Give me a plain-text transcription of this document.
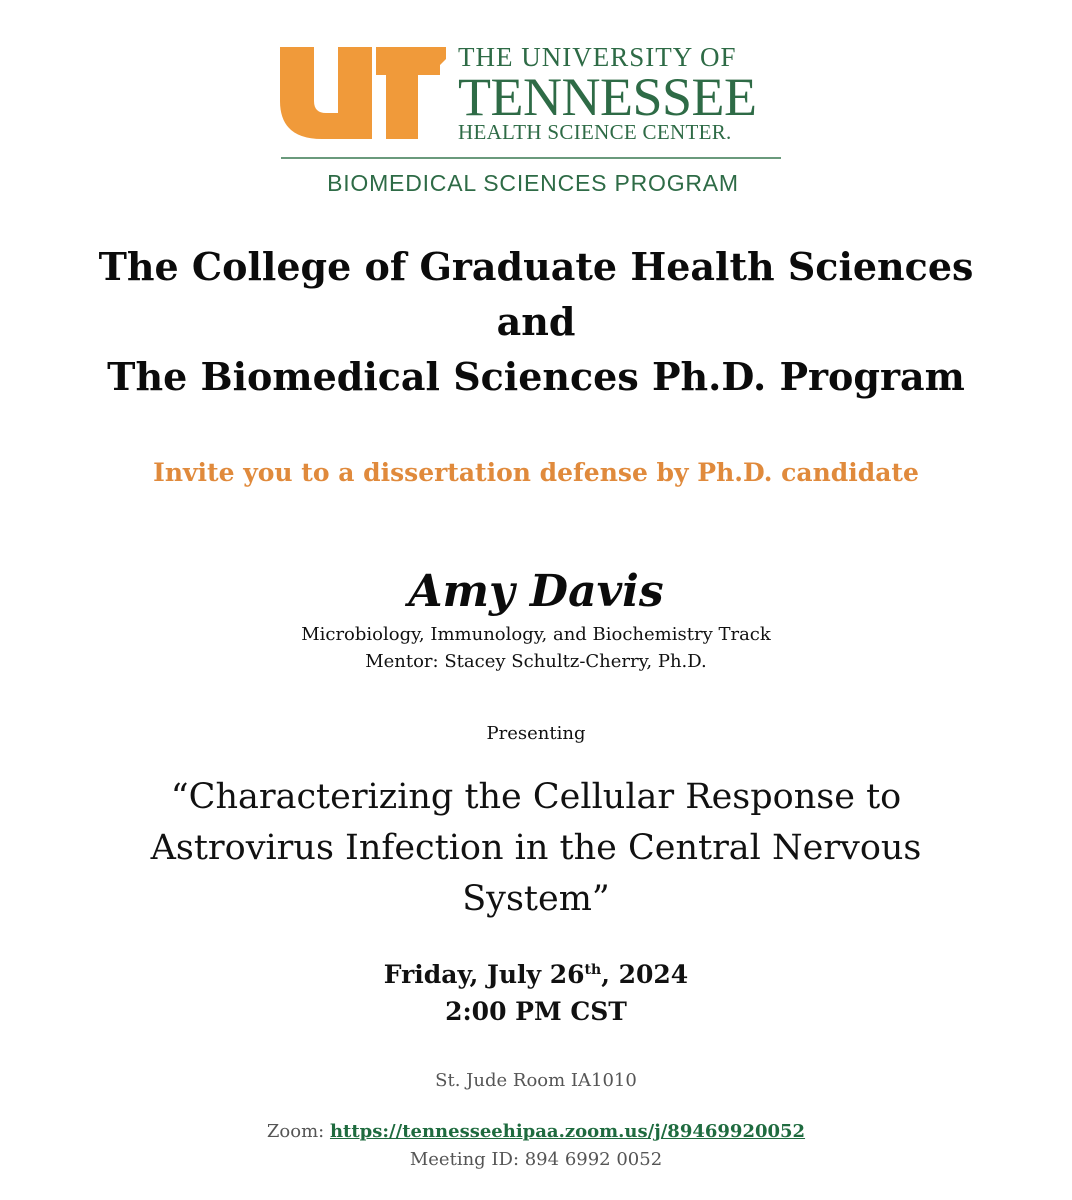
THE UNIVERSITY OF
TENNESSEE
HEALTH SCIENCE CENTER.
BIOMEDICAL SCIENCES PROGRAM
The College of Graduate Health Sciences
and
The Biomedical Sciences Ph.D. Program
Invite you to a dissertation defense by Ph.D. candidate
Amy Davis
Microbiology, Immunology, and Biochemistry Track
Mentor: Stacey Schultz-Cherry, Ph.D.
Presenting
“Characterizing the Cellular Response to Astrovirus Infection in the Central Nervous System”
Friday, July 26th, 2024
2:00 PM CST
St. Jude Room IA1010
Zoom: https://tennesseehipaa.zoom.us/j/89469920052
Meeting ID: 894 6992 0052
